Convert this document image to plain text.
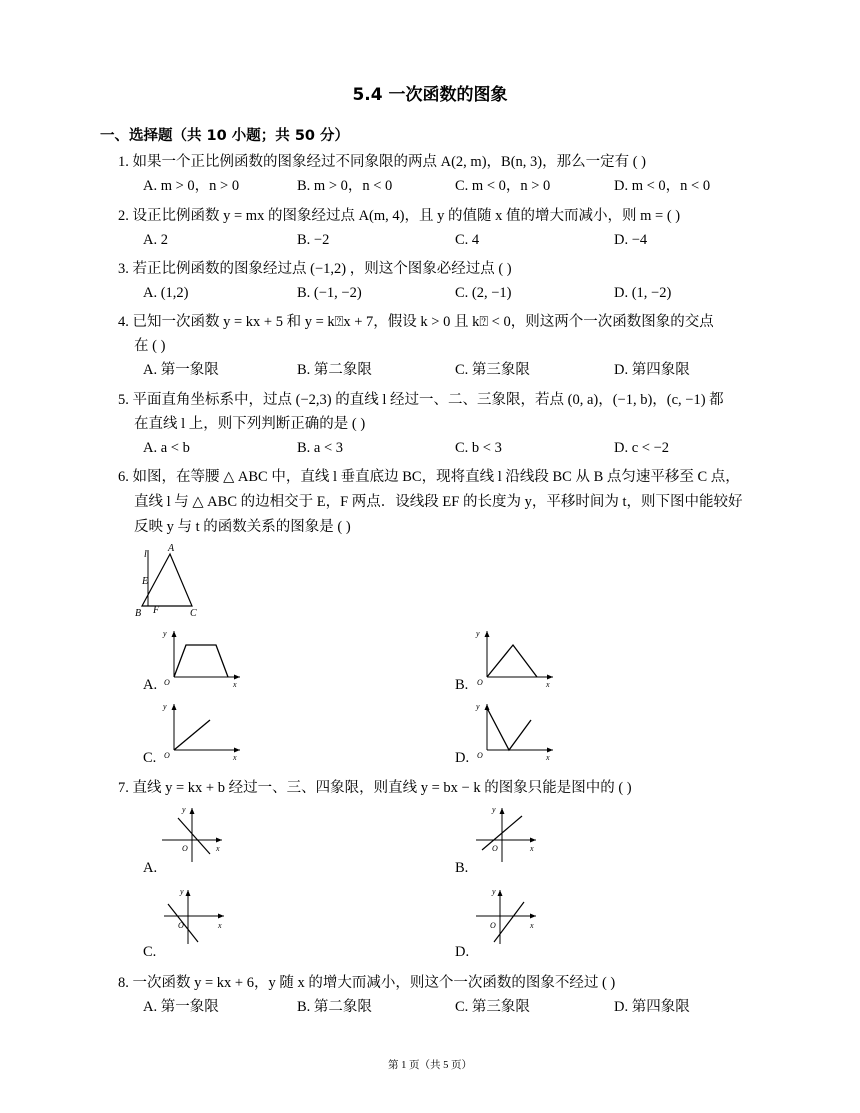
5.4 一次函数的图象
一、选择题（共 10 小题；共 50 分）
1. 如果一个正比例函数的图象经过不同象限的两点 A(2, m)，B(n, 3)，那么一定有 ( )
A. m > 0，n > 0	B. m > 0，n < 0	C. m < 0，n > 0	D. m < 0，n < 0
2. 设正比例函数 y = mx 的图象经过点 A(m, 4)，且 y 的值随 x 值的增大而减小，则 m = ( )
A. 2	B. −2	C. 4	D. −4
3. 若正比例函数的图象经过点 (−1,2) ，则这个图象必经过点 ( )
A. (1,2)	B. (−1, −2)	C. (2, −1)	D. (1, −2)
4. 已知一次函数 y = kx + 5 和 y = k⍰x + 7，假设 k > 0 且 k⍰ < 0，则这两个一次函数图象的交点
在 ( )
A. 第一象限	B. 第二象限	C. 第三象限	D. 第四象限
5. 平面直角坐标系中，过点 (−2,3) 的直线 l 经过一、二、三象限，若点 (0, a)，(−1, b)，(c, −1) 都
在直线 l 上，则下列判断正确的是 ( )
A. a < b	B. a < 3	C. b < 3	D. c < −2
6. 如图，在等腰 △ ABC 中，直线 l 垂直底边 BC，现将直线 l 沿线段 BC 从 B 点匀速平移至 C 点，
直线 l 与 △ ABC 的边相交于 E，F 两点．设线段 EF 的长度为 y，平移时间为 t，则下图中能较好
反映 y 与 t 的函数关系的图象是 ( )
l
A
E
B F	C
y
x
O
A.
y
x
O
B.
y
x
O
C.
y
x
O
D.
7. 直线 y = kx + b 经过一、三、四象限，则直线 y = bx − k 的图象只能是图中的 ( )
y
x
O
A.
y
x
O
B.
y
x
O
C.
y
x
O
D.
8. 一次函数 y = kx + 6，y 随 x 的增大而减小，则这个一次函数的图象不经过 ( )
A. 第一象限	B. 第二象限	C. 第三象限	D. 第四象限
第 1 页（共 5 页）
